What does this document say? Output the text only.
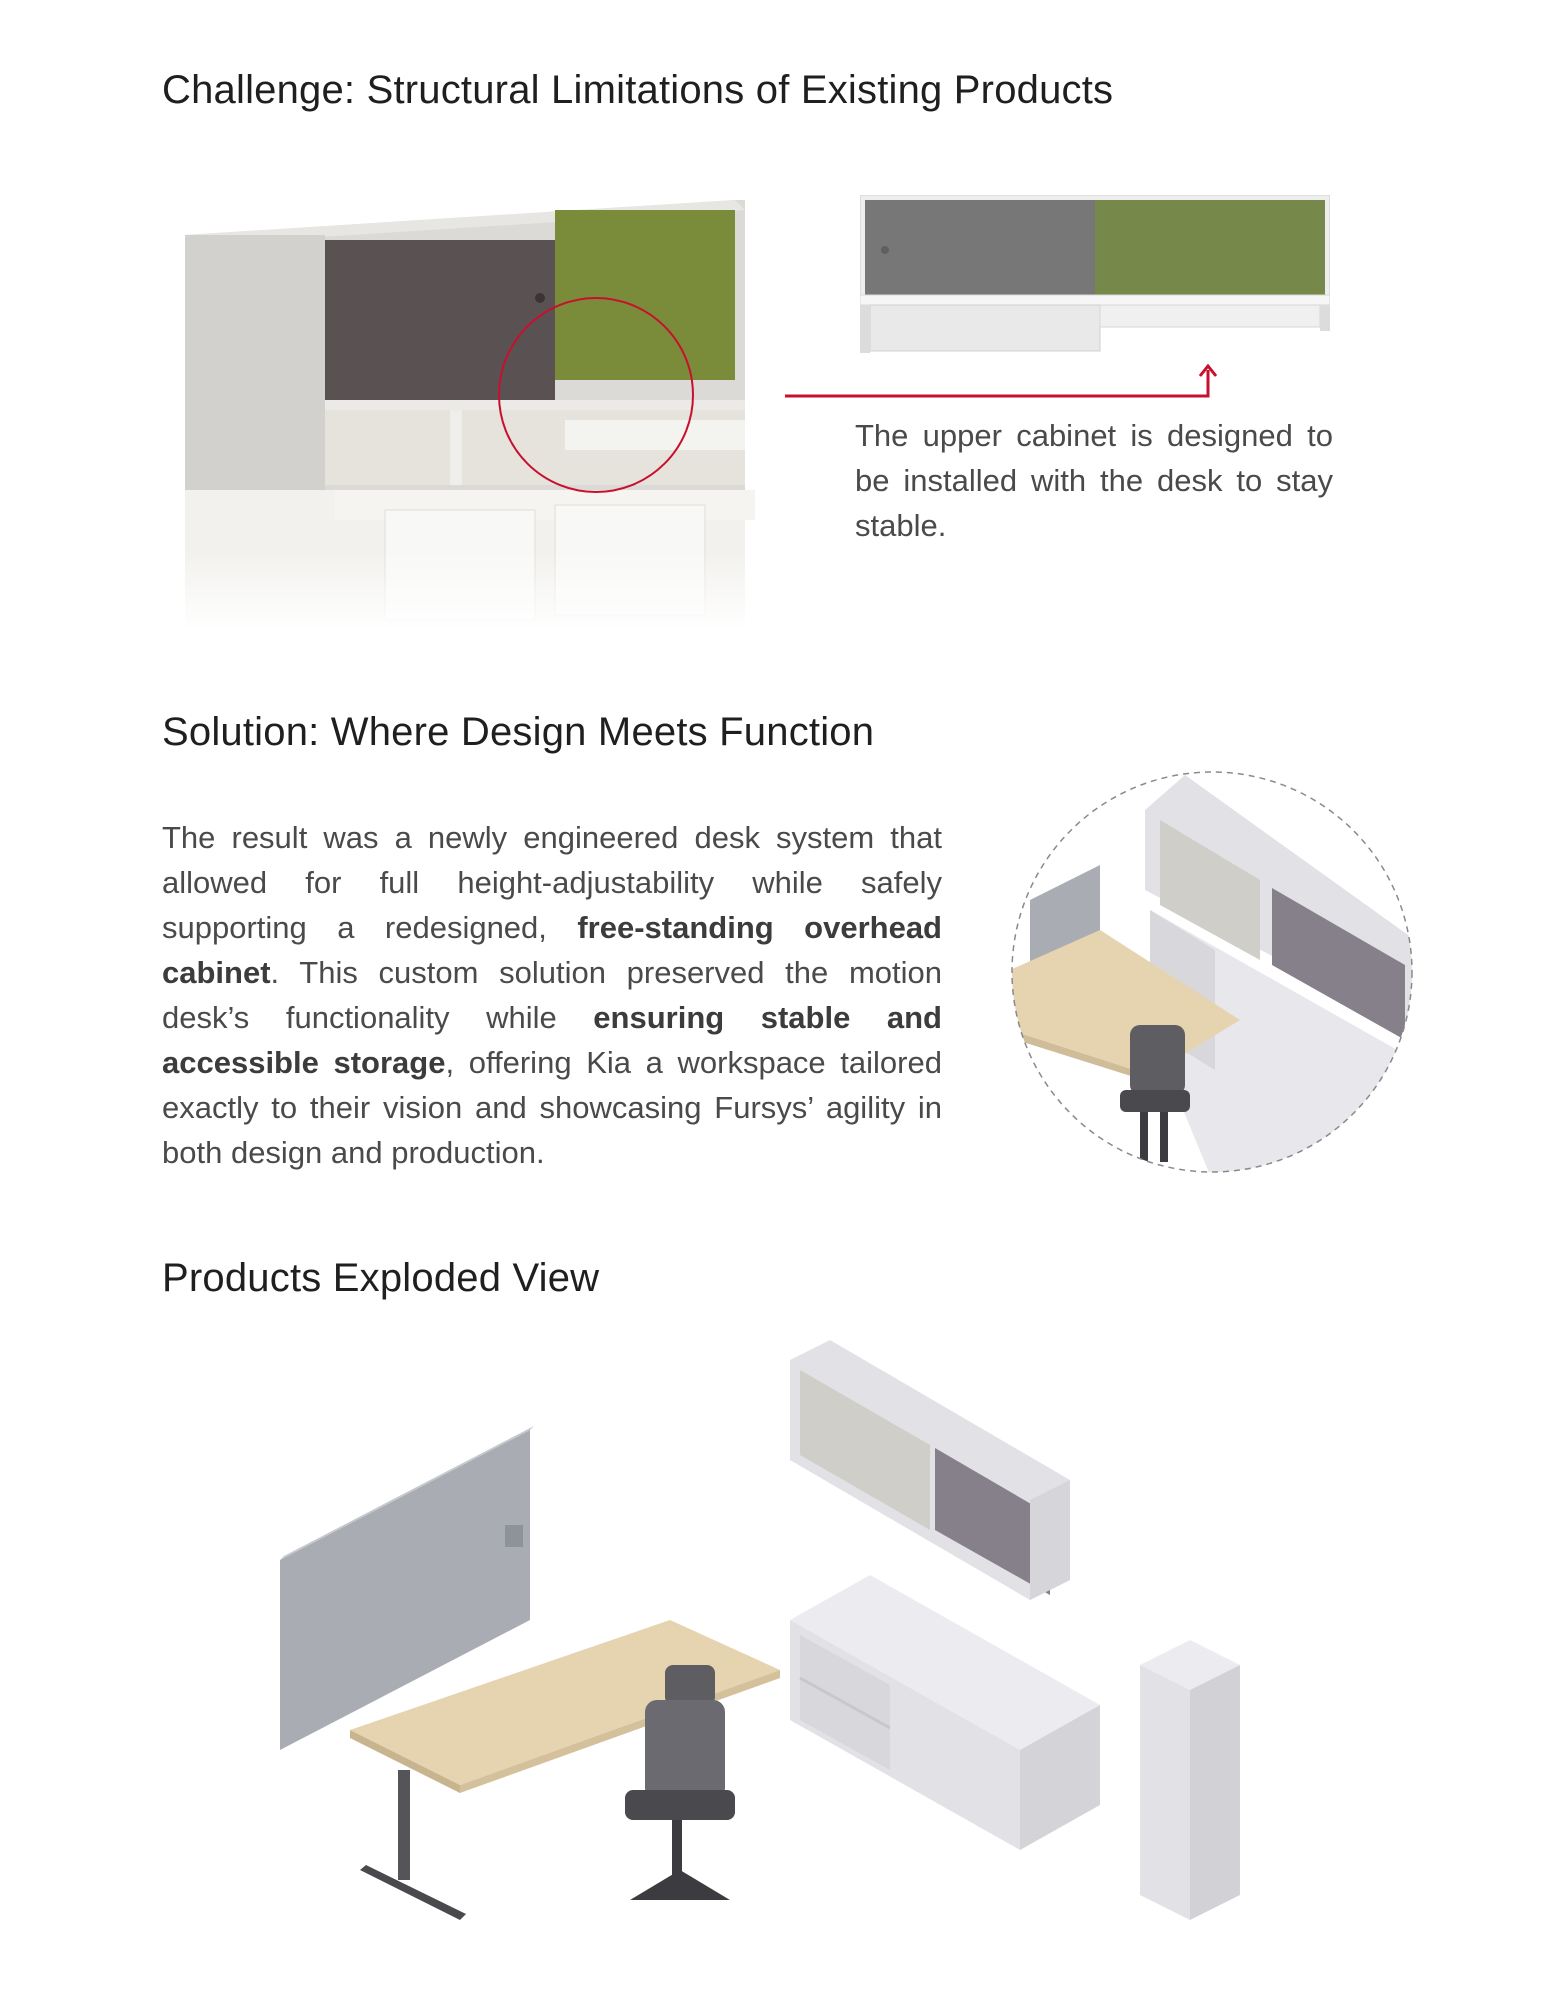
Challenge: Structural Limitations of Existing Products

The upper cabinet is designed to be installed with the desk to stay stable.

Solution: Where Design Meets Function

The result was a newly engineered desk system that allowed for full height-adjustability while safely supporting a redesigned, free-standing overhead cabinet. This custom solution preserved the motion desk’s functionality while ensuring stable and accessible storage, offering Kia a workspace tailored exactly to their vision and showcasing Fursys’ agility in both design and production.

Products Exploded View
